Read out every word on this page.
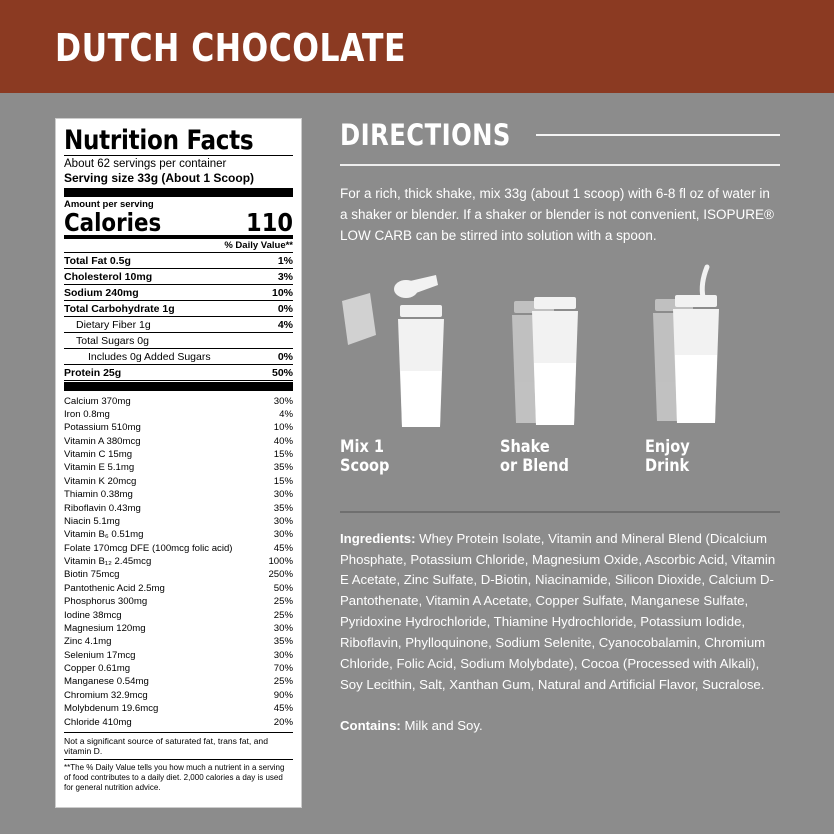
DUTCH CHOCOLATE
Nutrition Facts
About 62 servings per container
Serving size 33g (About 1 Scoop)
Amount per serving
Calories	110
% Daily Value**
Total Fat 0.5g	1%
Cholesterol 10mg	3%
Sodium 240mg	10%
Total Carbohydrate 1g	0%
Dietary Fiber 1g	4%
Total Sugars 0g
Includes 0g Added Sugars	0%
Protein 25g	50%
Calcium 370mg	30%
Iron 0.8mg	4%
Potassium 510mg	10%
Vitamin A 380mcg	40%
Vitamin C 15mg	15%
Vitamin E 5.1mg	35%
Vitamin K 20mcg	15%
Thiamin 0.38mg	30%
Riboflavin 0.43mg	35%
Niacin 5.1mg	30%
Vitamin B₆ 0.51mg	30%
Folate 170mcg DFE (100mcg folic acid)	45%
Vitamin B₁₂ 2.45mcg	100%
Biotin 75mcg	250%
Pantothenic Acid 2.5mg	50%
Phosphorus 300mg	25%
Iodine 38mcg	25%
Magnesium 120mg	30%
Zinc 4.1mg	35%
Selenium 17mcg	30%
Copper 0.61mg	70%
Manganese 0.54mg	25%
Chromium 32.9mcg	90%
Molybdenum 19.6mcg	45%
Chloride 410mg	20%
Not a significant source of saturated fat, trans fat, and vitamin D.
**The % Daily Value tells you how much a nutrient in a serving of food contributes to a daily diet. 2,000 calories a day is used for general nutrition advice.
DIRECTIONS
For a rich, thick shake, mix 33g (about 1 scoop) with 6-8 fl oz of water in a shaker or blender. If a shaker or blender is not convenient, ISOPURE® LOW CARB can be stirred into solution with a spoon.
Mix 1
Scoop
Shake
or Blend
Enjoy
Drink
Ingredients: Whey Protein Isolate, Vitamin and Mineral Blend (Dicalcium Phosphate, Potassium Chloride, Magnesium Oxide, Ascorbic Acid, Vitamin E Acetate, Zinc Sulfate, D-Biotin, Niacinamide, Silicon Dioxide, Calcium D-Pantothenate, Vitamin A Acetate, Copper Sulfate, Manganese Sulfate, Pyridoxine Hydrochloride, Thiamine Hydrochloride, Potassium Iodide, Riboflavin, Phylloquinone, Sodium Selenite, Cyanocobalamin, Chromium Chloride, Folic Acid, Sodium Molybdate), Cocoa (Processed with Alkali), Soy Lecithin, Salt, Xanthan Gum, Natural and Artificial Flavor, Sucralose.
Contains: Milk and Soy.
